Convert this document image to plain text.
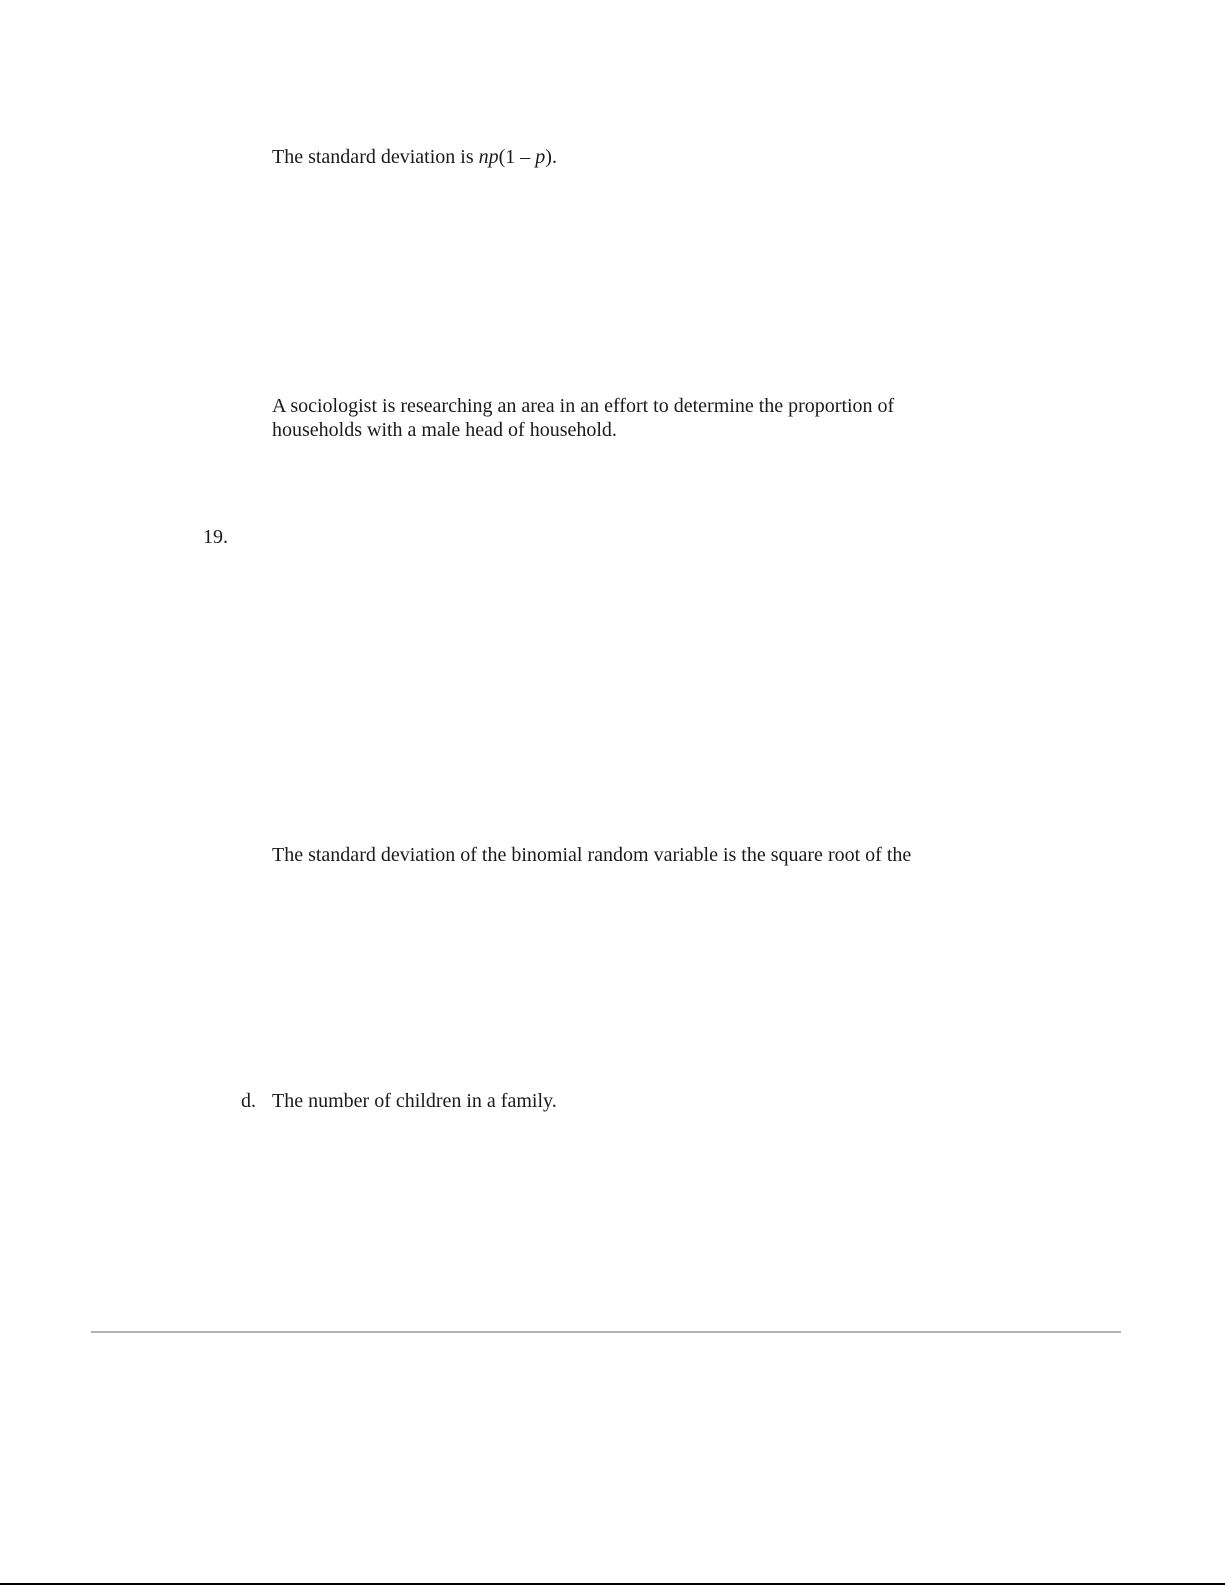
The standard deviation is np(1 – p).

A sociologist is researching an area in an effort to determine the proportion of

households with a male head of household.

19.

The standard deviation of the binomial random variable is the square root of the

d. The number of children in a family.
